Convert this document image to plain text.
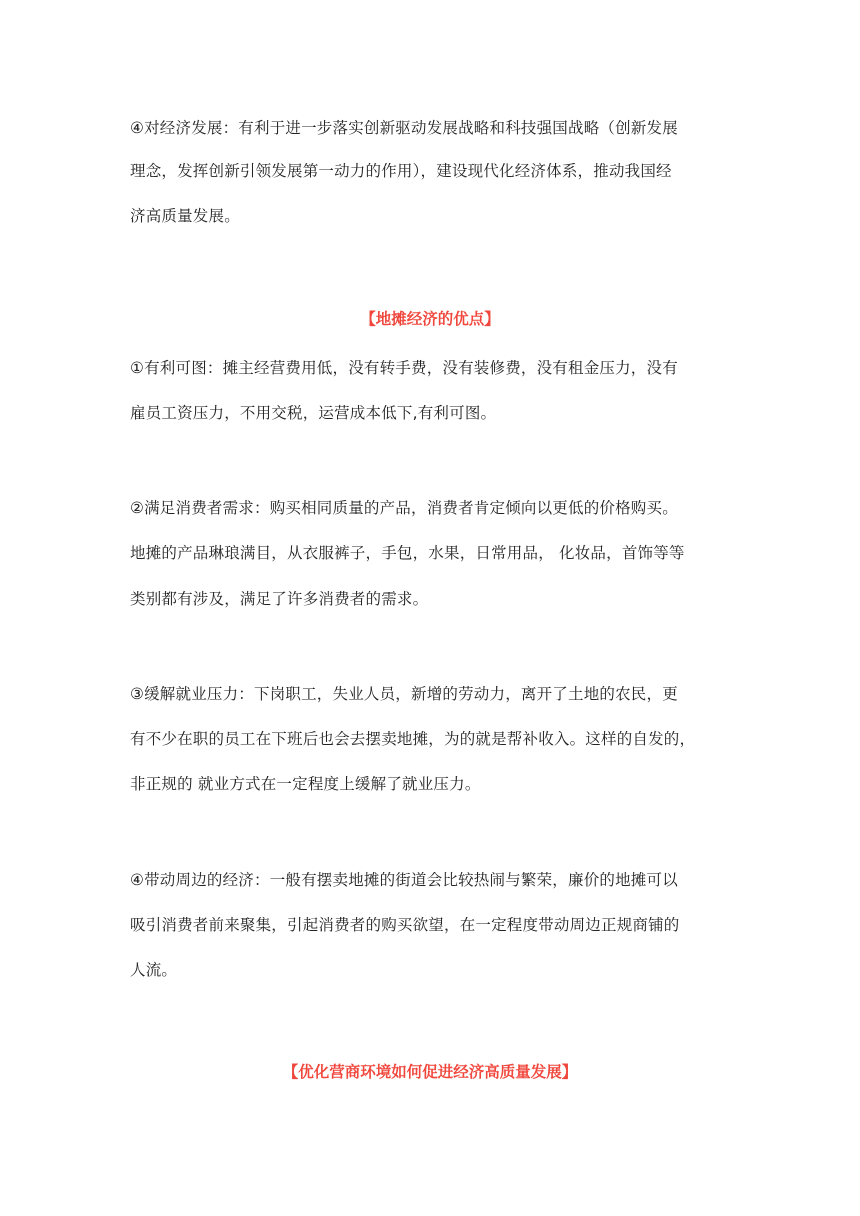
④对经济发展：有利于进一步落实创新驱动发展战略和科技强国战略（创新发展
理念，发挥创新引领发展第一动力的作用），建设现代化经济体系，推动我国经
济高质量发展。
【地摊经济的优点】
①有利可图：摊主经营费用低，没有转手费，没有装修费，没有租金压力，没有
雇员工资压力，不用交税，运营成本低下,有利可图。
②满足消费者需求：购买相同质量的产品，消费者肯定倾向以更低的价格购买。
地摊的产品琳琅满目，从衣服裤子，手包，水果，日常用品， 化妆品，首饰等等
类别都有涉及，满足了许多消费者的需求。
③缓解就业压力：下岗职工，失业人员，新增的劳动力，离开了土地的农民，更
有不少在职的员工在下班后也会去摆卖地摊，为的就是帮补收入。这样的自发的，
非正规的 就业方式在一定程度上缓解了就业压力。
④带动周边的经济：一般有摆卖地摊的街道会比较热闹与繁荣，廉价的地摊可以
吸引消费者前来聚集，引起消费者的购买欲望，在一定程度带动周边正规商铺的
人流。
【优化营商环境如何促进经济高质量发展】
